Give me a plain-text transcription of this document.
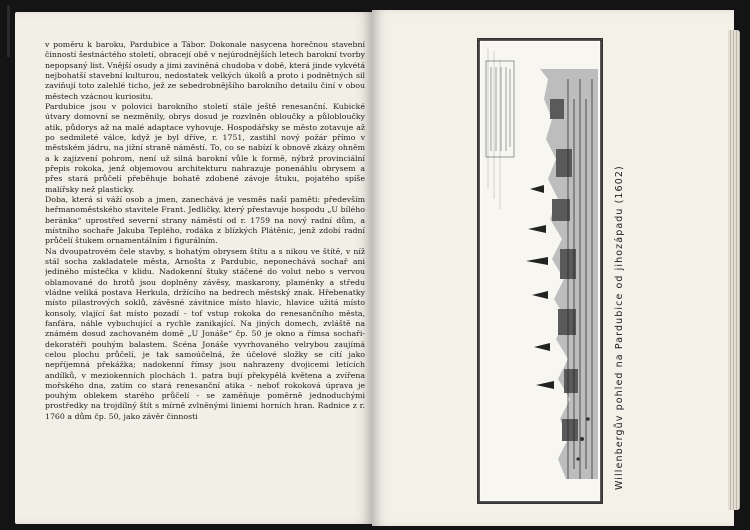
v poměru k baroku, Pardubice a Tábor. Dokonale nasycena horečnou stavební činností šestnáctého století, obracejí obě v nejúrodnějších letech barokní tvorby nepopsaný list. Vnější osudy a jimi zaviněná chudoba v době, která jinde vykvétá nejbohatší stavební kulturou, nedostatek velkých úkolů a proto i podnětných sil zaviňují toto zalehlé ticho, jež ze sebedrobnějšího barokního detailu činí v obou městech vzácnou kuriositu.

Pardubice jsou v polovici barokního století stále ještě renesanční. Kubické útvary domovní se nezměnily, obrys dosud je rozvlněn obloučky a půlobloučky atik, půdorys až na malé adaptace vyhovuje. Hospodářsky se město zotavuje až po sedmileté válce, když je byl dříve, r. 1751, zastihl nový požár přímo v městském jádru, na jižní straně náměstí. To, co se nabízí k obnově zkázy ohněm a k zajizvení pohrom, není už silná barokní vůle k formě, nýbrž provinciální přepis rokoka, jenž objemovou architekturu nahrazuje ponenáhlu obrysem a přes stará průčelí přeběhuje bohatě zdobené závoje štuku, pojatého spíše malířsky než plasticky.

Doba, která si váží osob a jmen, zanechává je vesměs naší paměti: především heřmanoměstského stavitele Frant. Jedličky, který přestavuje hospodu „U bílého beránka“ uprostřed severní strany náměstí od r. 1759 na nový radní dům, a místního sochaře Jakuba Teplého, rodáka z blízkých Plátěnic, jenž zdobí radní průčelí štukem ornamentálním i figurálním.

Na dvoupatrovém čele stavby, s bohatým obrysem štítu a s nikou ve štítě, v níž stál socha zakladatele města, Arnošta z Pardubic, neponechává sochař ani jediného místečka v klidu. Nadokenní štuky stáčené do volut nebo s vervou oblamované do hrotů jsou doplněny závěsy, maskarony, plaménky a středu vládne veliká postava Herkula, držícího na bedrech městský znak. Hřebenatky místo pilastrových soklů, závěsné závitnice místo hlavic, hlavice užitá místo konsoly, vlající šat místo pozadí - tof vstup rokoka do renesančního města, fanfára, náhle vybuchující a rychle zanikající. Na jiných domech, zvláště na známém dosud zachovaném domě „U Jonáše“ čp. 50 je okno a římsa sochaři-dekoratéři pouhým balastem. Scéna Jonáše vyvrhovaného velrybou zaujímá celou plochu průčelí, je tak samoúčelná, že účelové složky se cítí jako nepříjemná překážka; nadokenní římsy jsou nahrazeny dvojicemi letících andílků, v meziokenních plochách 1. patra bují překypělá květena a zvířena mořského dna, zatím co stará renesanční atika - neboť rokoková úprava je pouhým oblekem starého průčelí - se zaměňuje poměrně jednoduchými prostředky na trojdílný štít s mírně zvlněnými liniemi horních hran. Radnice z r. 1760 a dům čp. 50, jako závěr činnosti	Willenbergův pohled na Pardubice od jihozápadu (1602)
